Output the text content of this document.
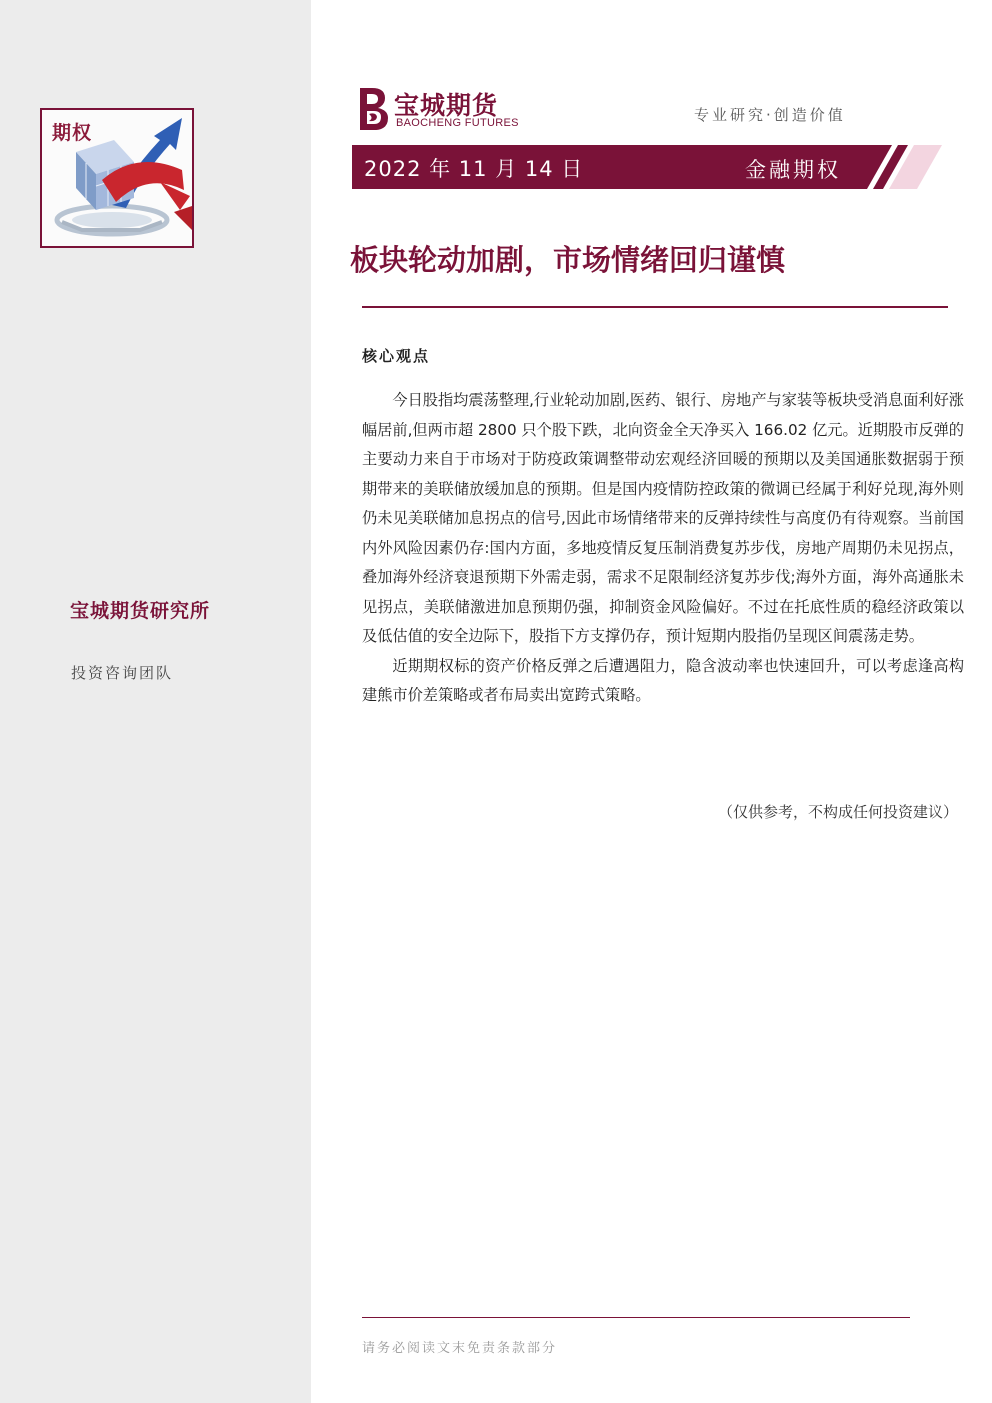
期权
宝城期货研究所
投资咨询团队
宝城期货
BAOCHENG FUTURES	专业研究·创造价值
2022 年 11 月 14 日	金融期权
板块轮动加剧，市场情绪回归谨慎
核心观点

今日股指均震荡整理,行业轮动加剧,医药、银行、房地产与家装等板块受消息面利好涨幅居前,但两市超 2800 只个股下跌，北向资金全天净买入 166.02 亿元。近期股市反弹的主要动力来自于市场对于防疫政策调整带动宏观经济回暖的预期以及美国通胀数据弱于预期带来的美联储放缓加息的预期。但是国内疫情防控政策的微调已经属于利好兑现,海外则仍未见美联储加息拐点的信号,因此市场情绪带来的反弹持续性与高度仍有待观察。当前国内外风险因素仍存:国内方面，多地疫情反复压制消费复苏步伐，房地产周期仍未见拐点，叠加海外经济衰退预期下外需走弱，需求不足限制经济复苏步伐;海外方面，海外高通胀未见拐点，美联储激进加息预期仍强，抑制资金风险偏好。不过在托底性质的稳经济政策以及低估值的安全边际下，股指下方支撑仍存，预计短期内股指仍呈现区间震荡走势。

近期期权标的资产价格反弹之后遭遇阻力，隐含波动率也快速回升，可以考虑逢高构建熊市价差策略或者布局卖出宽跨式策略。

（仅供参考，不构成任何投资建议）
请务必阅读文末免责条款部分
